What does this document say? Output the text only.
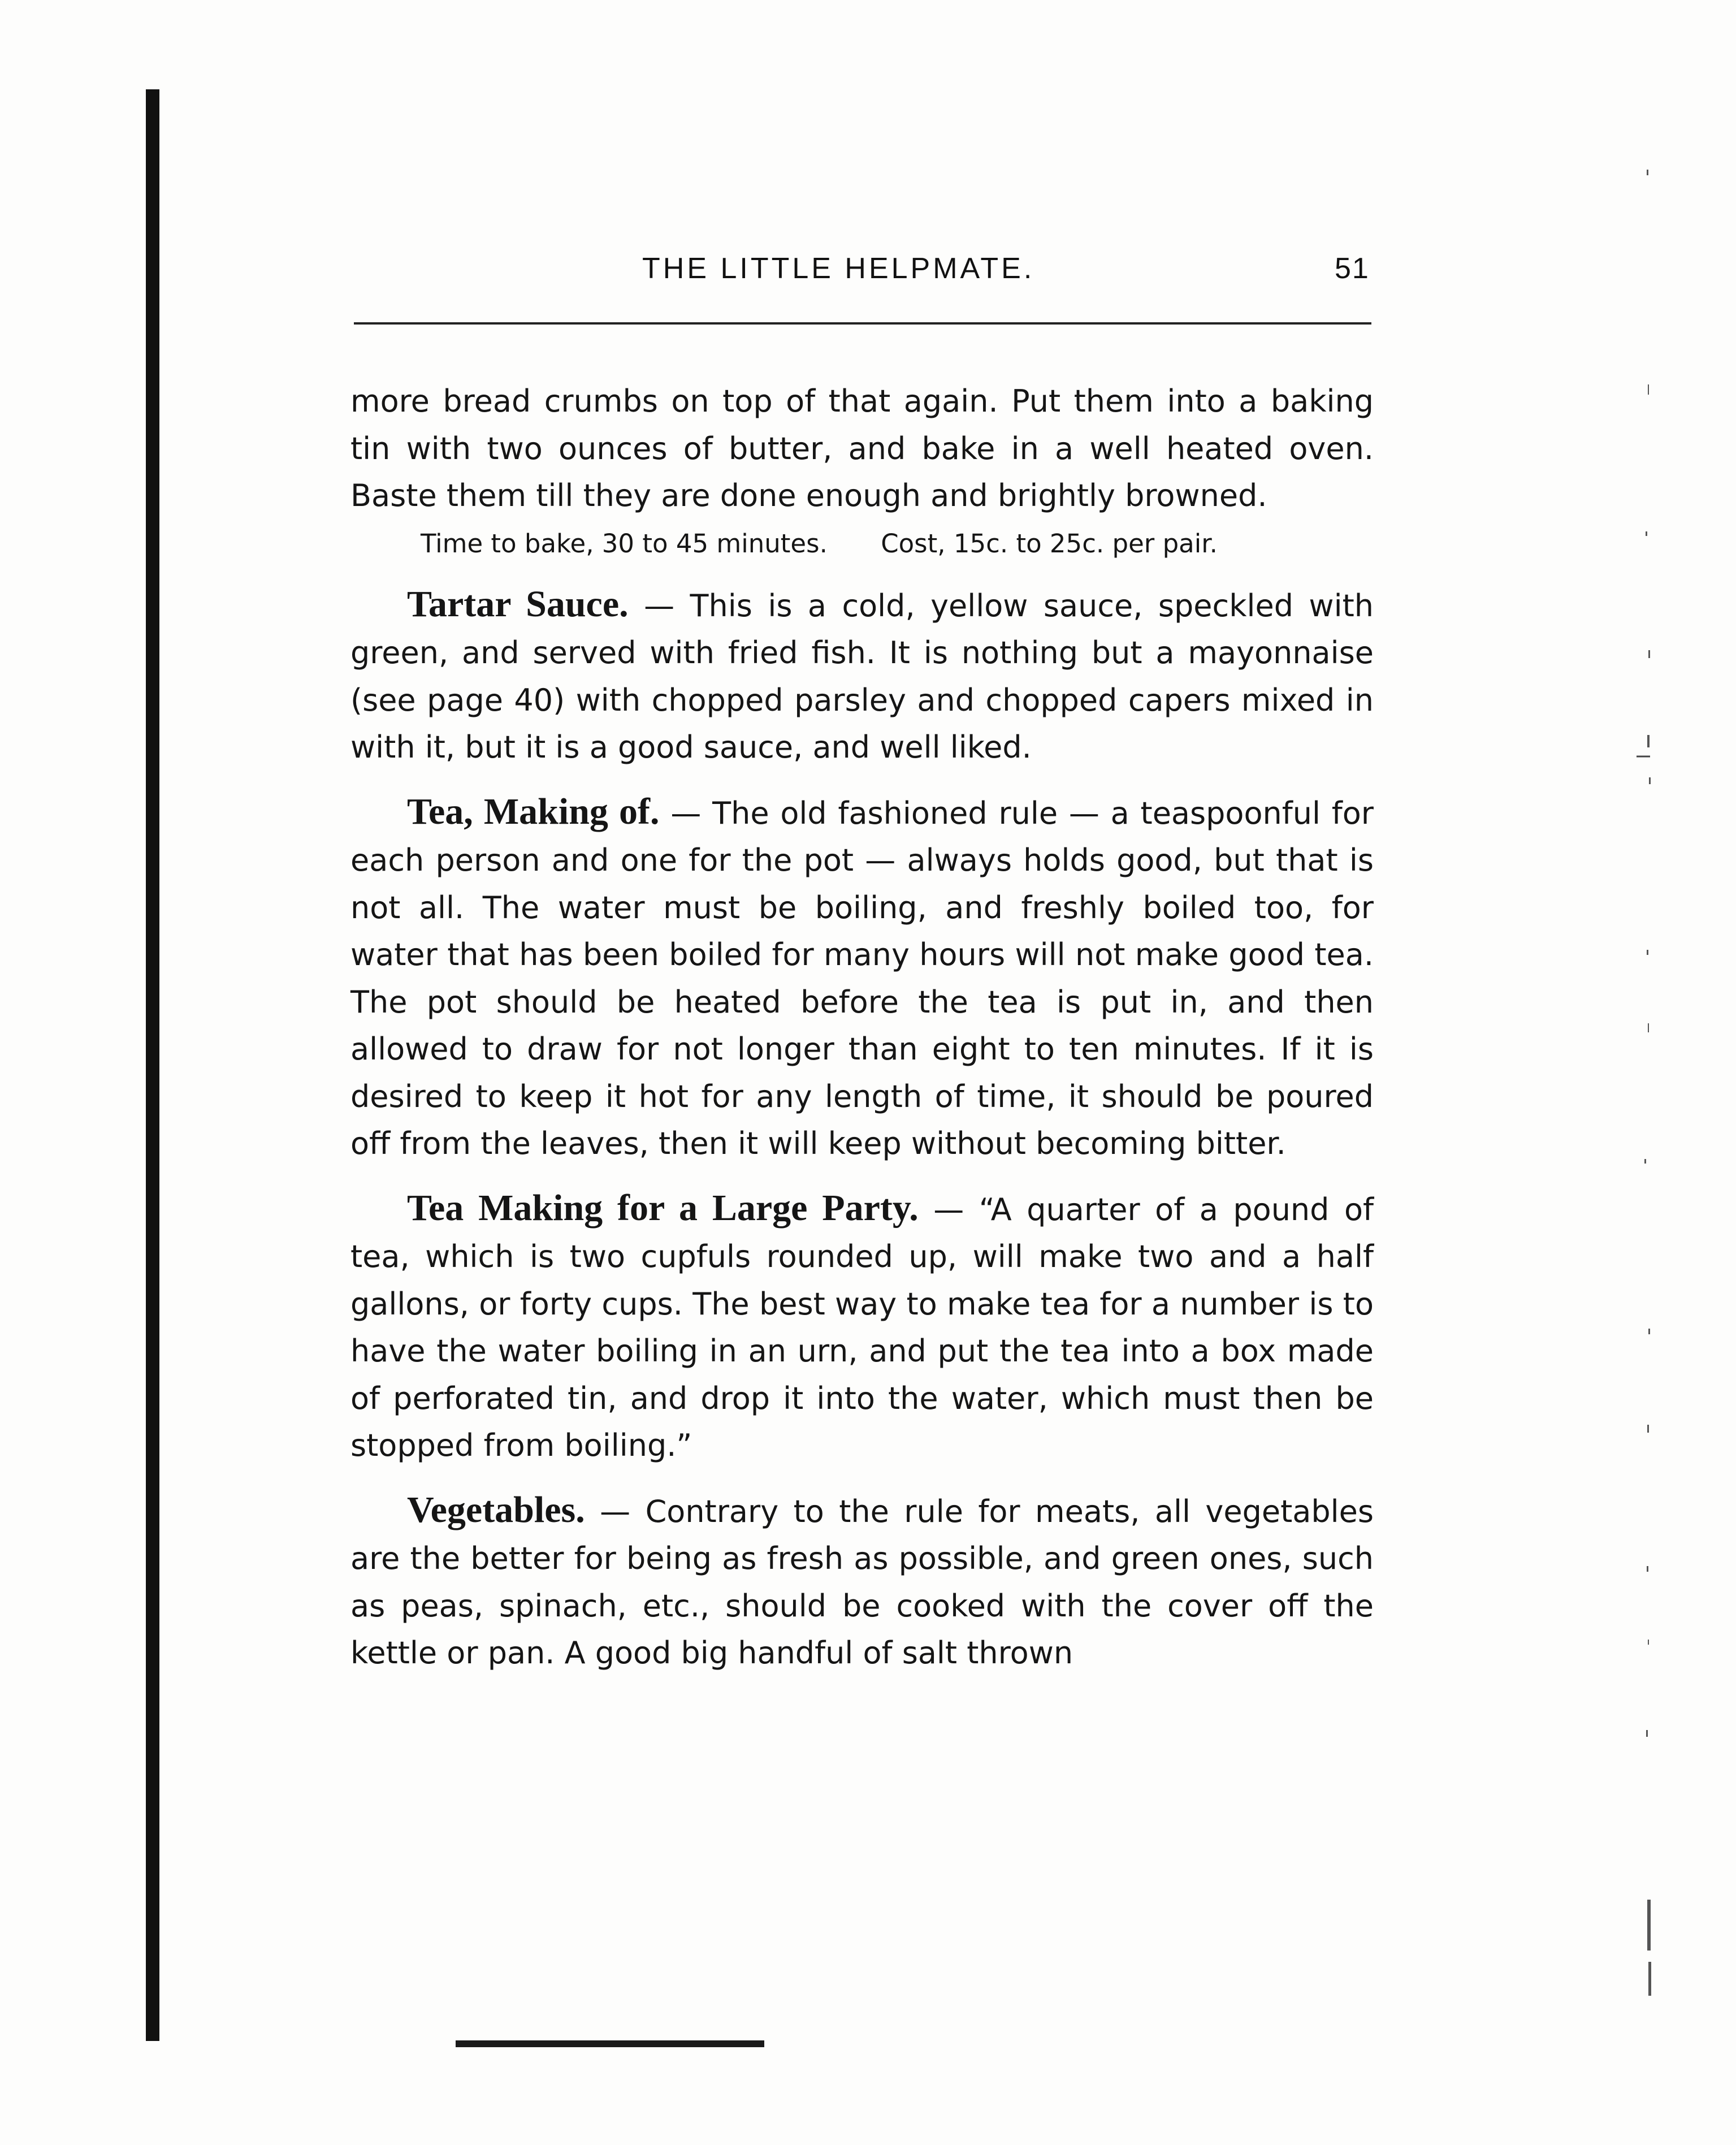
THE LITTLE HELPMATE.	51

more bread crumbs on top of that again. Put them into a baking tin with two ounces of butter, and bake in a well heated oven. Baste them till they are done enough and brightly browned.

Time to bake, 30 to 45 minutes. Cost, 15c. to 25c. per pair.

Tartar Sauce. — This is a cold, yellow sauce, speckled with green, and served with fried fish. It is nothing but a mayonnaise (see page 40) with chopped parsley and chopped capers mixed in with it, but it is a good sauce, and well liked.

Tea, Making of. — The old fashioned rule — a teaspoonful for each person and one for the pot — always holds good, but that is not all. The water must be boiling, and freshly boiled too, for water that has been boiled for many hours will not make good tea. The pot should be heated before the tea is put in, and then allowed to draw for not longer than eight to ten minutes. If it is desired to keep it hot for any length of time, it should be poured off from the leaves, then it will keep without becoming bitter.

Tea Making for a Large Party. — “A quarter of a pound of tea, which is two cupfuls rounded up, will make two and a half gallons, or forty cups. The best way to make tea for a number is to have the water boiling in an urn, and put the tea into a box made of perforated tin, and drop it into the water, which must then be stopped from boiling.”

Vegetables. — Contrary to the rule for meats, all vegetables are the better for being as fresh as possible, and green ones, such as peas, spinach, etc., should be cooked with the cover off the kettle or pan. A good big handful of salt thrown
